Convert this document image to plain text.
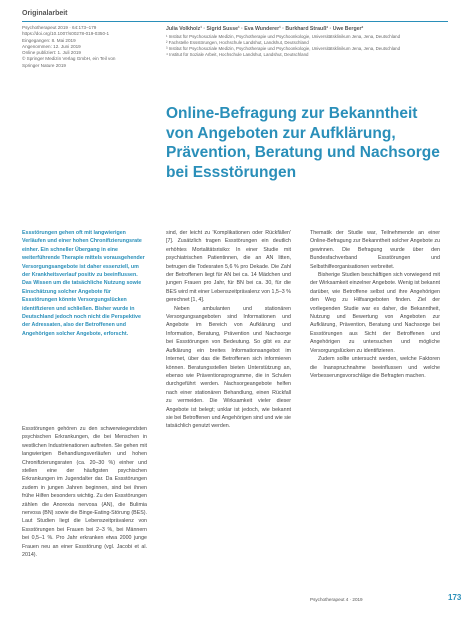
Originalarbeit
Psychotherapeut 2019 · 64:173–179
https://doi.org/10.1007/s00278-019-0350-1
Eingegangen: 8. Mai 2019
Angenommen: 12. Juni 2019
Online publiziert: 1. Juli 2019
© Springer Medizin Verlag GmbH, ein Teil von
Springer Nature 2019
Julia Volkholz¹ · Sigrid Susse¹ · Eva Wunderer¹ · Burkhard Strauß² · Uwe Berger²
¹ Institut für Psychosoziale Medizin, Psychotherapie und Psychoonkologie, Universitätsklinikum Jena, Jena, Deutschland
² Fachstelle Essstörungen, Hochschule Landshut, Landshut, Deutschland
³ Institut für Psychosoziale Medizin, Psychotherapie und Psychoonkologie, Universitätsklinikum Jena, Jena, Deutschland
⁴ Institut für Soziale Arbeit, Hochschule Landshut, Landshut, Deutschland
Online-Befragung zur Bekanntheit von Angeboten zur Aufklärung, Prävention, Beratung und Nachsorge bei Essstörungen

Essstörungen gehen oft mit langwierigen Verläufen und einer hohen Chronifizierungsrate einher. Ein schneller Übergang in eine weiterführende Therapie mittels vorausgehender Versorgungsangebote ist daher essenziell, um der Krankheitsverlauf positiv zu beeinflussen. Das Wissen um die tatsächliche Nutzung sowie Einschätzung solcher Angebote für Essstörungen könnte Versorgungslücken identifizieren und schließen. Bisher wurde in Deutschland jedoch noch nicht die Perspektive der Adressaten, also der Betroffenen und Angehörigen solcher Angebote, erforscht.

Essstörungen gehören zu den schwerwiegendsten psychischen Erkrankungen, die bei Menschen in westlichen Industrienationen auftreten. Sie gehen mit langwierigen Behandlungsverläufen und hohen Chronifizierungsraten (ca. 20–30 %) einher und stellen eine der häufigsten psychischen Erkrankungen im Jugendalter dar. Da Essstörungen zudem in jungen Jahren beginnen, sind bei ihnen frühe Hilfen besonders wichtig. Zu den Essstörungen zählen die Anorexia nervosa (AN), die Bulimia nervosa (BN) sowie die Binge-Eating-Störung (BES). Laut Studien liegt die Lebenszeitprävalenz von Essstörungen bei Frauen bei 2–3 %, bei Männern bei 0,5–1 %. Pro Jahr erkranken etwa 2000 junge Frauen neu an einer Essstörung (vgl. Jacobi et al. 2014).

sind, der leicht zu 'Komplikationen oder Rückfällen' [7]. Zusätzlich tragen Essstörungen ein deutlich erhöhtes Mortalitätsrisiko: In einer Studie mit psychiatrischen Patientinnen, die an AN litten, betrugen die Todesraten 5,6 % pro Dekade. Die Zahl der Betroffenen liegt für AN bei ca. 14 Mädchen und jungen Frauen pro Jahr, für BN bei ca. 30, für die BES wird mit einer Lebenszeitprävalenz von 1,5–3 % gerechnet [1, 4].

Neben ambulanten und stationären Versorgungsangeboten sind Informationen und Angebote im Bereich von Aufklärung und Information, Beratung, Prävention und Nachsorge bei Essstörungen von Bedeutung. So gibt es zur Aufklärung ein breites Informationsangebot im Internet, über das die Betroffenen sich informieren können. Beratungsstellen bieten Unterstützung an, ebenso wie Präventionsprogramme, die in Schulen durchgeführt werden. Nachsorgeangebote helfen nach einer stationären Behandlung, einen Rückfall zu vermeiden. Die Wirksamkeit vieler dieser Angebote ist belegt; unklar ist jedoch, wie bekannt sie bei Betroffenen und Angehörigen sind und wie sie tatsächlich genutzt werden.

Thematik der Studie war, Teilnehmende an einer Online-Befragung zur Bekanntheit solcher Angebote zu gewinnen. Die Befragung wurde über den Bundesfachverband Essstörungen und Selbsthilfeorganisationen verbreitet.

Bisherige Studien beschäftigen sich vorwiegend mit der Wirksamkeit einzelner Angebote. Wenig ist bekannt darüber, wie Betroffene selbst und ihre Angehörigen den Weg zu Hilfsangeboten finden. Ziel der vorliegenden Studie war es daher, die Bekanntheit, Nutzung und Bewertung von Angeboten zur Aufklärung, Prävention, Beratung und Nachsorge bei Essstörungen aus Sicht der Betroffenen und Angehörigen zu untersuchen und mögliche Versorgungslücken zu identifizieren.

Zudem sollte untersucht werden, welche Faktoren die Inanspruchnahme beeinflussen und welche Verbesserungsvorschläge die Befragten machen.

Psychotherapeut 4 · 2019	173
